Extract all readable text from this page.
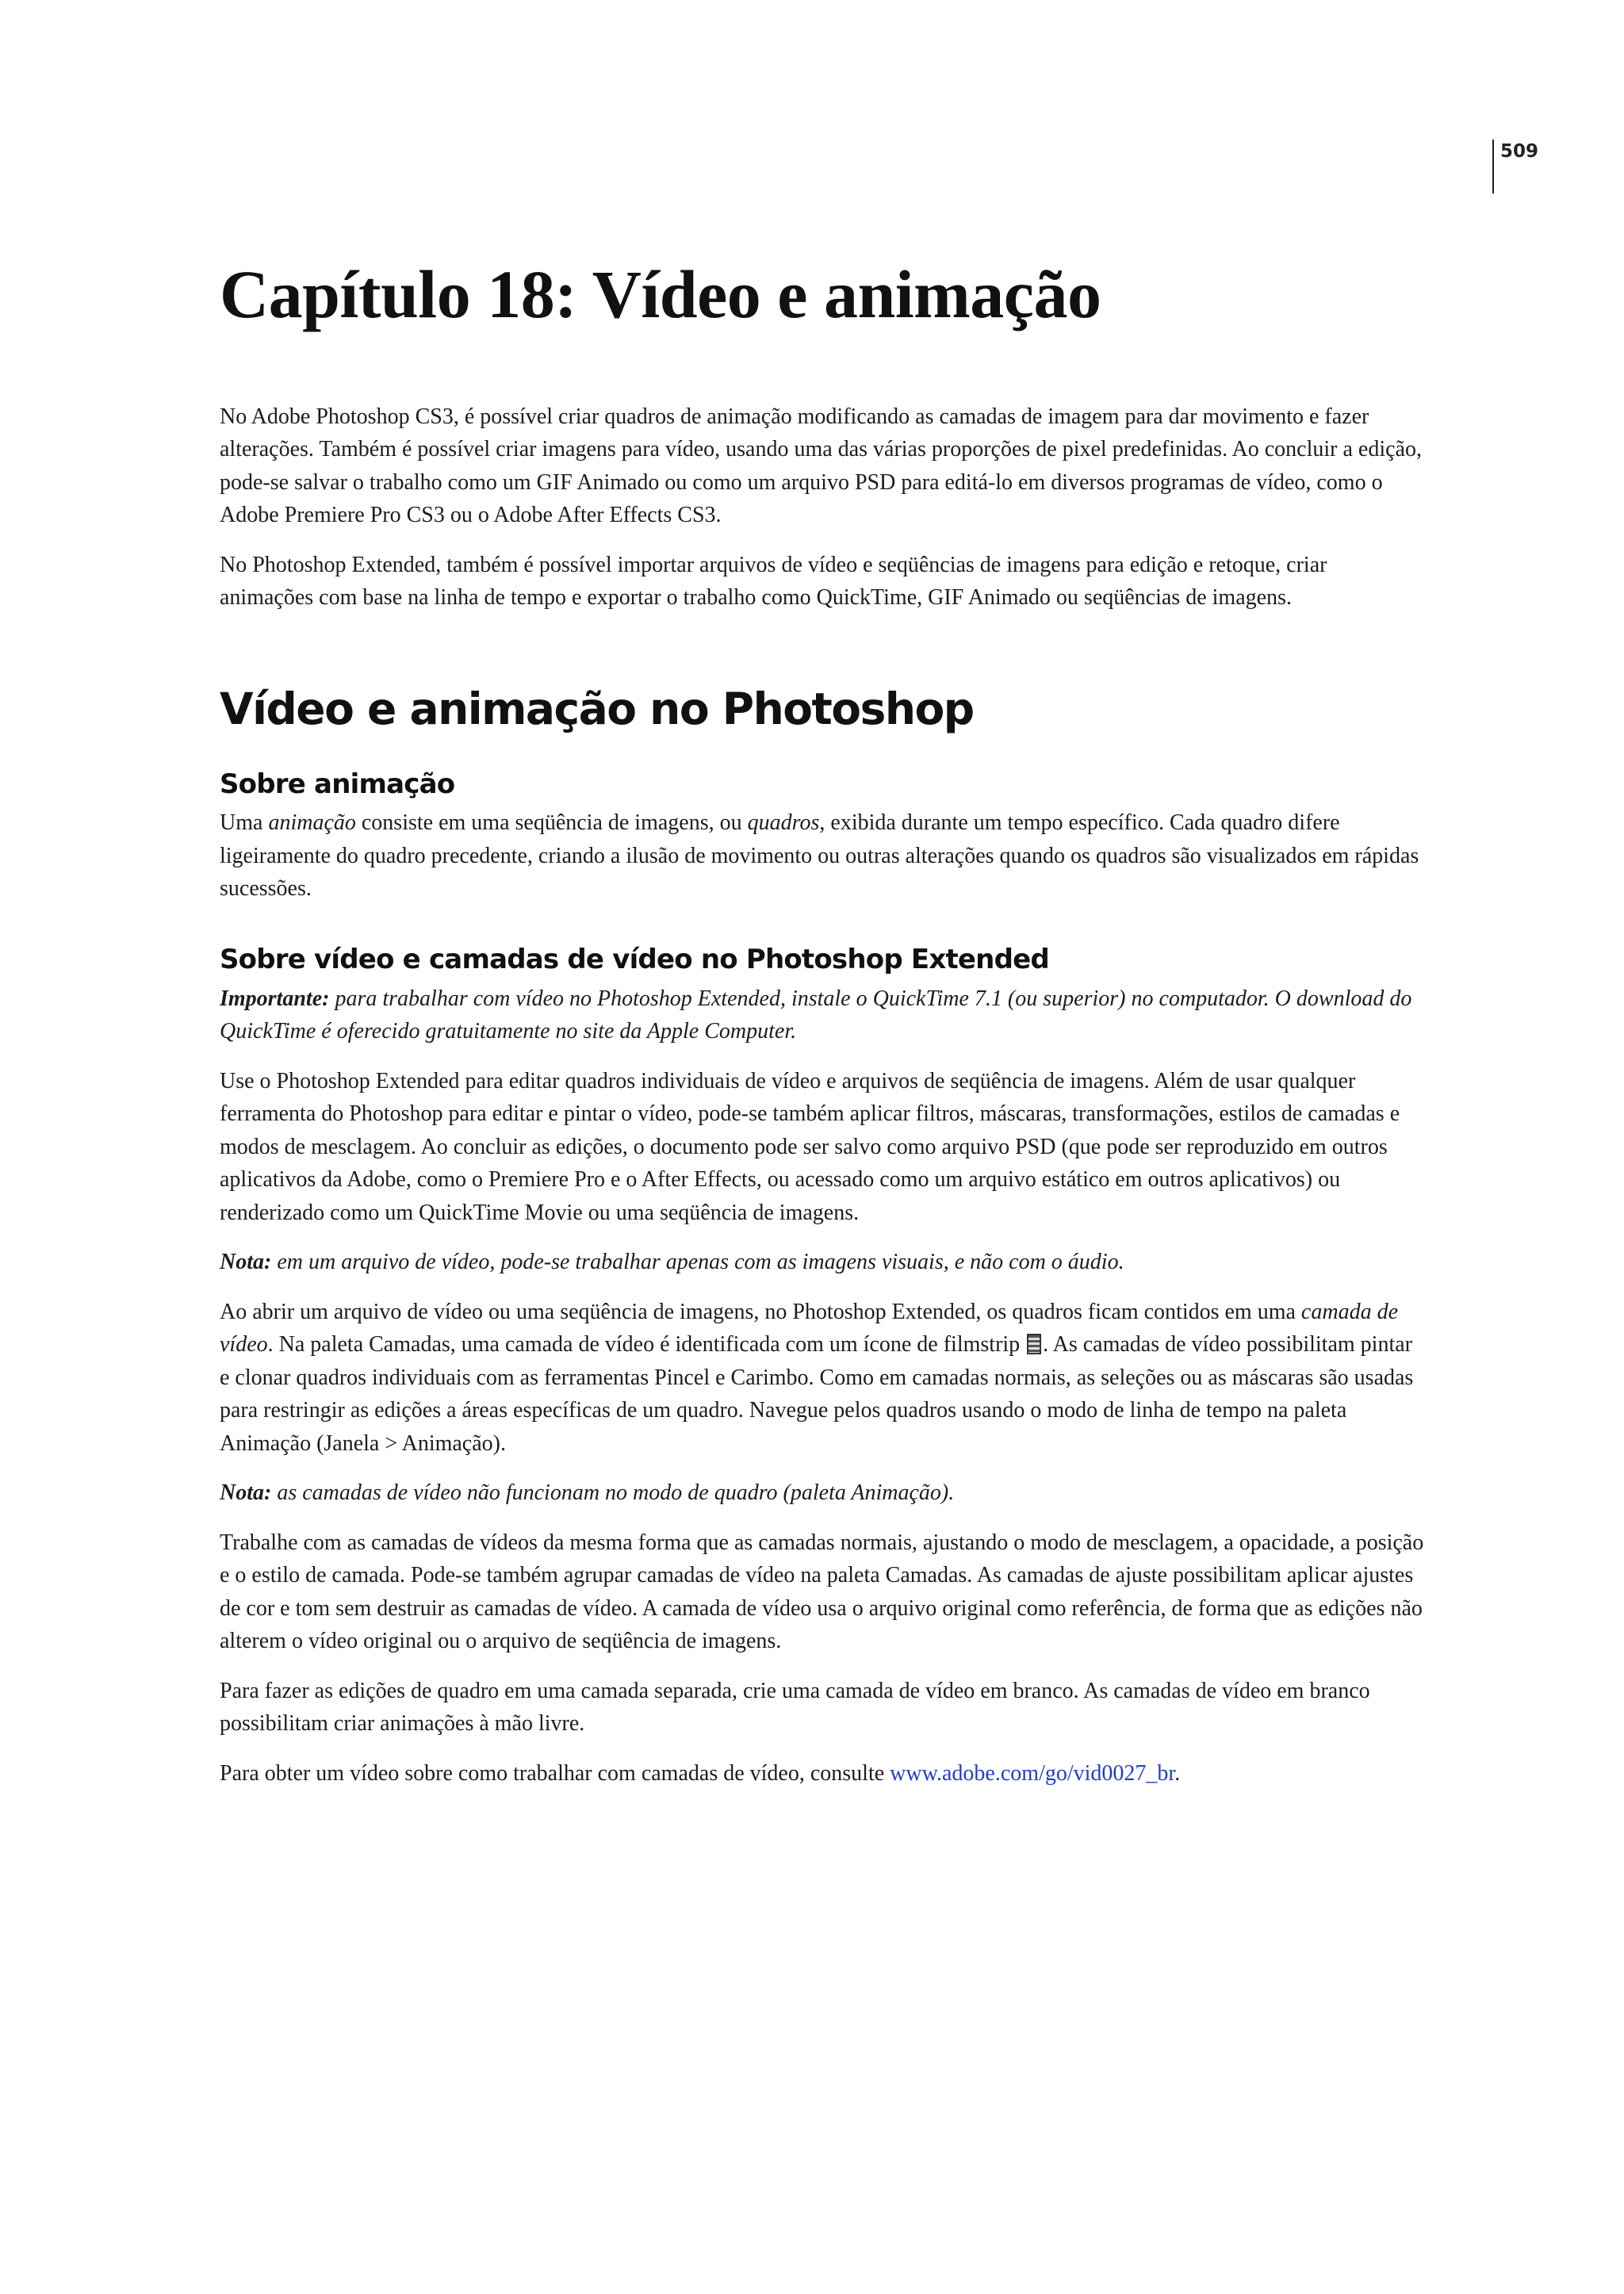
509
Capítulo 18: Vídeo e animação

No Adobe Photoshop CS3, é possível criar quadros de animação modificando as camadas de imagem para dar movimento e fazer alterações. Também é possível criar imagens para vídeo, usando uma das várias proporções de pixel predefinidas. Ao concluir a edição, pode-se salvar o trabalho como um GIF Animado ou como um arquivo PSD para editá-lo em diversos programas de vídeo, como o Adobe Premiere Pro CS3 ou o Adobe After Effects CS3.

No Photoshop Extended, também é possível importar arquivos de vídeo e seqüências de imagens para edição e retoque, criar animações com base na linha de tempo e exportar o trabalho como QuickTime, GIF Animado ou seqüências de imagens.

Vídeo e animação no Photoshop
Sobre animação

Uma animação consiste em uma seqüência de imagens, ou quadros, exibida durante um tempo específico. Cada quadro difere ligeiramente do quadro precedente, criando a ilusão de movimento ou outras alterações quando os quadros são visualizados em rápidas sucessões.

Sobre vídeo e camadas de vídeo no Photoshop Extended

Importante: para trabalhar com vídeo no Photoshop Extended, instale o QuickTime 7.1 (ou superior) no computador. O download do QuickTime é oferecido gratuitamente no site da Apple Computer.

Use o Photoshop Extended para editar quadros individuais de vídeo e arquivos de seqüência de imagens. Além de usar qualquer ferramenta do Photoshop para editar e pintar o vídeo, pode-se também aplicar filtros, máscaras, transformações, estilos de camadas e modos de mesclagem. Ao concluir as edições, o documento pode ser salvo como arquivo PSD (que pode ser reproduzido em outros aplicativos da Adobe, como o Premiere Pro e o After Effects, ou acessado como um arquivo estático em outros aplicativos) ou renderizado como um QuickTime Movie ou uma seqüência de imagens.

Nota: em um arquivo de vídeo, pode-se trabalhar apenas com as imagens visuais, e não com o áudio.

Ao abrir um arquivo de vídeo ou uma seqüência de imagens, no Photoshop Extended, os quadros ficam contidos em uma camada de vídeo. Na paleta Camadas, uma camada de vídeo é identificada com um ícone de filmstrip . As camadas de vídeo possibilitam pintar e clonar quadros individuais com as ferramentas Pincel e Carimbo. Como em camadas normais, as seleções ou as máscaras são usadas para restringir as edições a áreas específicas de um quadro. Navegue pelos quadros usando o modo de linha de tempo na paleta Animação (Janela > Animação).

Nota: as camadas de vídeo não funcionam no modo de quadro (paleta Animação).

Trabalhe com as camadas de vídeos da mesma forma que as camadas normais, ajustando o modo de mesclagem, a opacidade, a posição e o estilo de camada. Pode-se também agrupar camadas de vídeo na paleta Camadas. As camadas de ajuste possibilitam aplicar ajustes de cor e tom sem destruir as camadas de vídeo. A camada de vídeo usa o arquivo original como referência, de forma que as edições não alterem o vídeo original ou o arquivo de seqüência de imagens.

Para fazer as edições de quadro em uma camada separada, crie uma camada de vídeo em branco. As camadas de vídeo em branco possibilitam criar animações à mão livre.

Para obter um vídeo sobre como trabalhar com camadas de vídeo, consulte www.adobe.com/go/vid0027_br.
